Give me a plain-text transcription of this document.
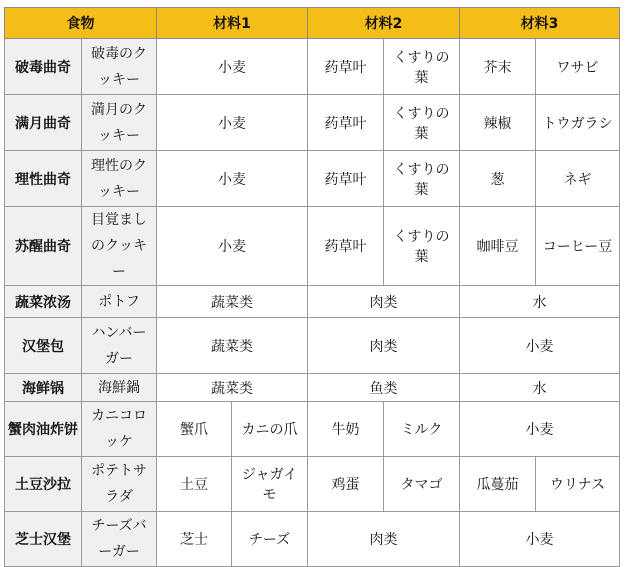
食物		材料1		材料2		材料3	
破毒曲奇	破毒のクッキー	小麦		药草叶	くすりの葉	芥末	ワサビ
满月曲奇	満月のクッキー	小麦		药草叶	くすりの葉	辣椒	トウガラシ
理性曲奇	理性のクッキー	小麦		药草叶	くすりの葉	葱	ネギ
苏醒曲奇	目覚ましのクッキー	小麦		药草叶	くすりの葉	咖啡豆	コーヒー豆
蔬菜浓汤	ポトフ	蔬菜类		肉类		水	
汉堡包	ハンバーガー	蔬菜类		肉类		小麦	
海鲜锅	海鮮鍋	蔬菜类		鱼类		水	
蟹肉油炸饼	カニコロッケ	蟹爪	カニの爪	牛奶	ミルク	小麦	
土豆沙拉	ポテトサラダ	土豆	ジャガイモ	鸡蛋	タマゴ	瓜蔓茄	ウリナス
芝士汉堡	チーズバーガー	芝士	チーズ	肉类		小麦	
